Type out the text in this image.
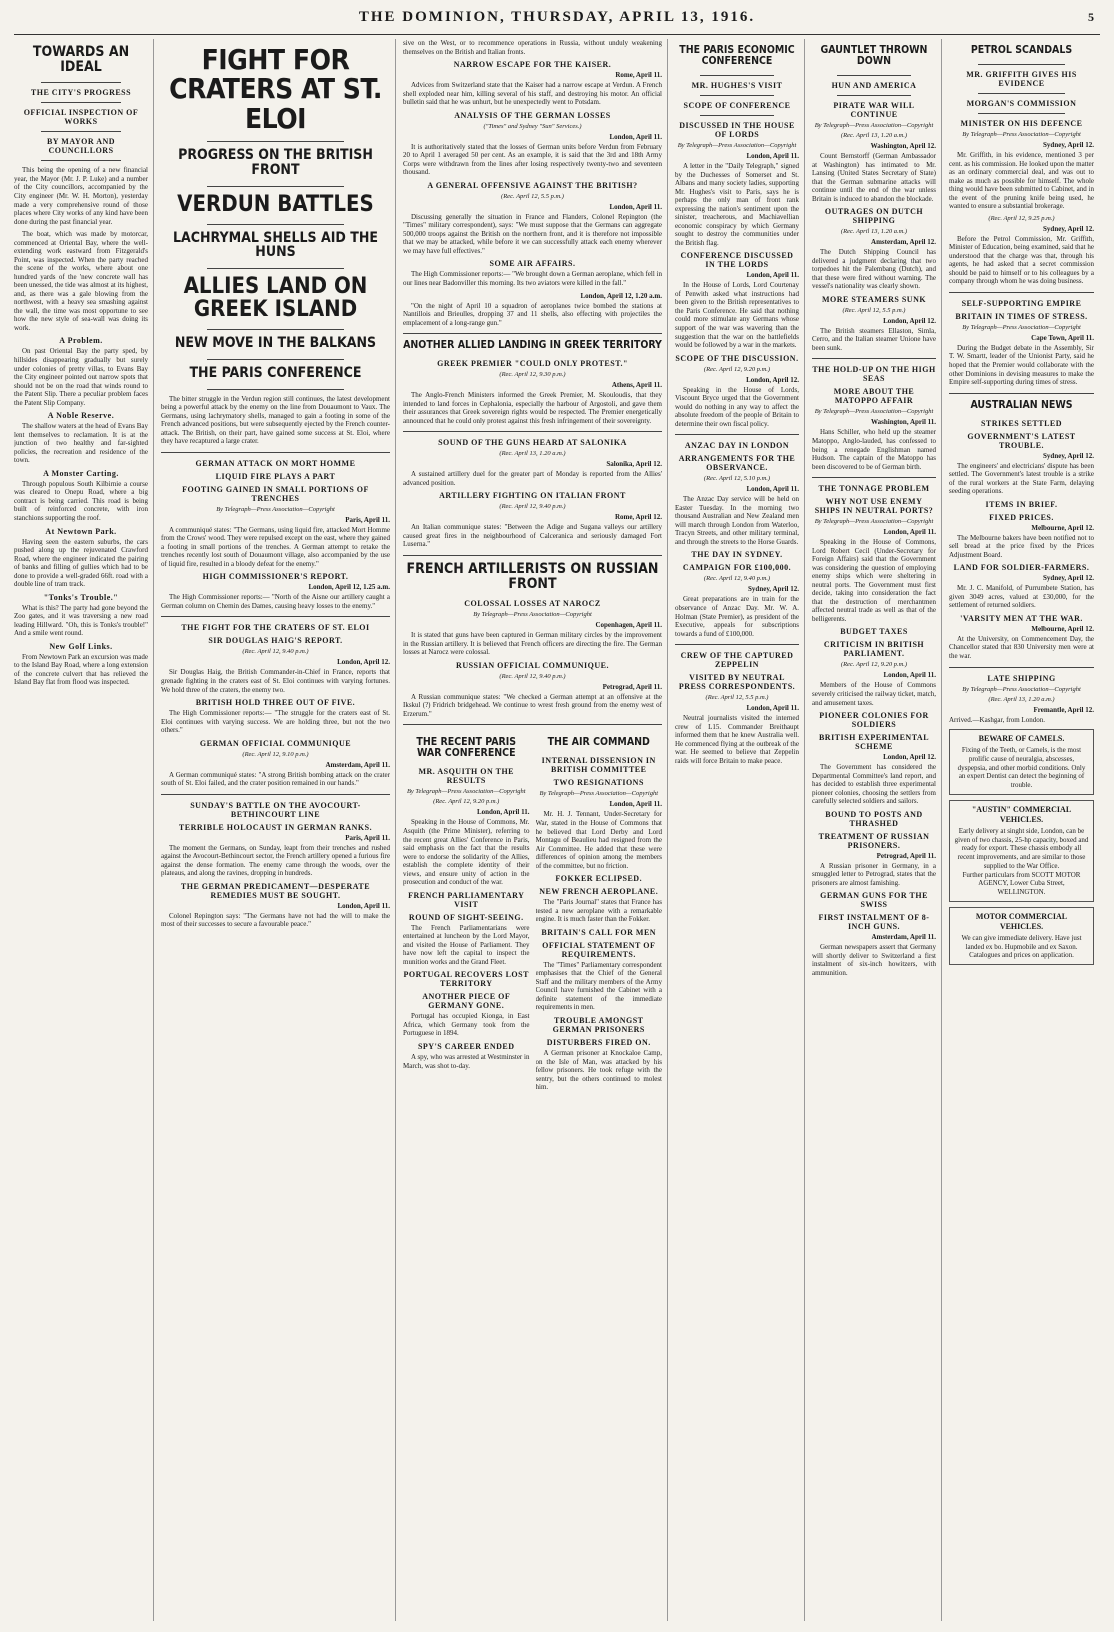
THE DOMINION, THURSDAY, APRIL 13, 1916.	5
TOWARDS AN IDEAL
THE CITY'S PROGRESS
OFFICIAL INSPECTION OF WORKS
BY MAYOR AND COUNCILLORS

This being the opening of a new financial year, the Mayor (Mr. J. P. Luke) and a number of the City councillors, accompanied by the City engineer (Mr. W. H. Morton), yesterday made a very comprehensive round of those places where City works of any kind have been done during the past financial year.

The boat, which was made by motorcar, commenced at Oriental Bay, where the well-extending work eastward from Fitzgerald's Point, was inspected. When the party reached the scene of the works, where about one hundred yards of the 'new concrete wall has been unessed, the tide was almost at its highest, and, as there was a gale blowing from the northwest, with a heavy sea smashing against the wall, the time was most opportune to see how the new style of sea-wall was doing its work.

A Problem.

On past Oriental Bay the party sped, by hillsides disappearing gradually but surely under colonies of pretty villas, to Evans Bay the City engineer pointed out narrow spots that should not be on the road that winds round to the Patent Slip. There a peculiar problem faces the Patent Slip Company.

A Noble Reserve.

The shallow waters at the head of Evans Bay lent themselves to reclamation. It is at the junction of two healthy and far-sighted policies, the recreation and residence of the town.

A Monster Carting.

Through populous South Kilbirnie a course was cleared to Onepu Road, where a big contract is being carried. This road is being built of reinforced concrete, with iron stanchions supporting the roof.

At Newtown Park.

Having seen the eastern suburbs, the cars pushed along up the rejuvenated Crawford Road, where the engineer indicated the pairing of banks and filling of gullies which had to be done to provide a well-graded 66ft. road with a double line of tram track.

"Tonks's Trouble."

What is this? The party had gone beyond the Zoo gates, and it was traversing a new road leading Hillward. "Oh, this is Tonks's trouble!" And a smile went round.

New Golf Links.

From Newtown Park an excursion was made to the Island Bay Road, where a long extension of the concrete culvert that has relieved the Island Bay flat from flood was inspected.

FIGHT FOR CRATERS AT ST. ELOI
PROGRESS ON THE BRITISH FRONT
VERDUN BATTLES
LACHRYMAL SHELLS AID THE HUNS
ALLIES LAND ON GREEK ISLAND
NEW MOVE IN THE BALKANS
THE PARIS CONFERENCE

The bitter struggle in the Verdun region still continues, the latest development being a powerful attack by the enemy on the line from Douaumont to Vaux. The Germans, using lachrymatory shells, managed to gain a footing in some of the French advanced positions, but were subsequently ejected by the French counter-attack. The British, on their part, have gained some success at St. Eloi, where they have recaptured a large crater.

GERMAN ATTACK ON MORT HOMME
LIQUID FIRE PLAYS A PART
FOOTING GAINED IN SMALL PORTIONS OF TRENCHES
By Telegraph—Press Association—Copyright
Paris, April 11.

A communiqué states: "The Germans, using liquid fire, attacked Mort Homme from the Crows' wood. They were repulsed except on the east, where they gained a footing in small portions of the trenches. A German attempt to retake the trenches recently lost south of Douaumont village, also accompanied by the use of liquid fire, resulted in a bloody defeat for the enemy."

HIGH COMMISSIONER'S REPORT.
London, April 12, 1.25 a.m.

The High Commissioner reports:— "North of the Aisne our artillery caught a German column on Chemin des Dames, causing heavy losses to the enemy."

THE FIGHT FOR THE CRATERS OF ST. ELOI
SIR DOUGLAS HAIG'S REPORT.
(Rec. April 12, 9.40 p.m.)
London, April 12.

Sir Douglas Haig, the British Commander-in-Chief in France, reports that grenade fighting in the craters east of St. Eloi continues with varying fortunes. We hold three of the craters, the enemy two.

BRITISH HOLD THREE OUT OF FIVE.

The High Commissioner reports:— "The struggle for the craters east of St. Eloi continues with varying success. We are holding three, but not the two others."

GERMAN OFFICIAL COMMUNIQUE
(Rec. April 12, 9.10 p.m.)
Amsterdam, April 11.

A German communiqué states: "A strong British bombing attack on the crater south of St. Eloi failed, and the crater position remained in our hands."

SUNDAY'S BATTLE ON THE AVOCOURT-BETHINCOURT LINE
TERRIBLE HOLOCAUST IN GERMAN RANKS.
Paris, April 11.

The moment the Germans, on Sunday, leapt from their trenches and rushed against the Avocourt-Bethincourt sector, the French artillery opened a furious fire against the dense formation. The enemy came through the woods, over the plateaus, and along the ravines, dropping in hundreds.

THE GERMAN PREDICAMENT—DESPERATE REMEDIES MUST BE SOUGHT.
London, April 11.

Colonel Repington says: "The Germans have not had the will to make the most of their successes to secure a favourable peace."

sive on the West, or to recommence operations in Russia, without unduly weakening themselves on the British and Italian fronts.

NARROW ESCAPE FOR THE KAISER.
Rome, April 11.

Advices from Switzerland state that the Kaiser had a narrow escape at Verdun. A French shell exploded near him, killing several of his staff, and destroying his motor. An official bulletin said that he was unhurt, but he unexpectedly went to Potsdam.

ANALYSIS OF THE GERMAN LOSSES
("Times" and Sydney "Sun" Services.)
London, April 11.

It is authoritatively stated that the losses of German units before Verdun from February 20 to April 1 averaged 50 per cent. As an example, it is said that the 3rd and 18th Army Corps were withdrawn from the lines after losing respectively twenty-two and seventeen thousand.

A GENERAL OFFENSIVE AGAINST THE BRITISH?
(Rec. April 12, 5.5 p.m.)
London, April 11.

Discussing generally the situation in France and Flanders, Colonel Repington (the "Times" military correspondent), says: "We must suppose that the Germans can aggregate 500,000 troops against the British on the northern front, and it is therefore not impossible that we may be attacked, while before it we can successfully attack each enemy wherever we may have full effectives."

SOME AIR AFFAIRS.

The High Commissioner reports:— "We brought down a German aeroplane, which fell in our lines near Badonviller this morning. Its two aviators were killed in the fall."

London, April 12, 1.20 a.m.

"On the night of April 10 a squadron of aeroplanes twice bombed the stations at Nantillois and Brieulles, dropping 37 and 11 shells, also effecting with projectiles the emplacement of a long-range gun."

ANOTHER ALLIED LANDING IN GREEK TERRITORY
GREEK PREMIER "COULD ONLY PROTEST."
(Rec. April 12, 9.30 p.m.)
Athens, April 11.

The Anglo-French Ministers informed the Greek Premier, M. Skouloudis, that they intended to land forces in Cephalonia, especially the harbour of Argostoli, and gave them their assurances that Greek sovereign rights would be respected. The Premier energetically announced that he could only protest against this fresh infringement of their sovereignty.

SOUND OF THE GUNS HEARD AT SALONIKA
(Rec. April 13, 1.20 a.m.)
Salonika, April 12.

A sustained artillery duel for the greater part of Monday is reported from the Allies' advanced position.

ARTILLERY FIGHTING ON ITALIAN FRONT
(Rec. April 12, 9.40 p.m.)
Rome, April 12.

An Italian communique states: "Between the Adige and Sugana valleys our artillery caused great fires in the neighbourhood of Calceranica and seriously damaged Fort Luserna."

FRENCH ARTILLERISTS ON RUSSIAN FRONT
COLOSSAL LOSSES AT NAROCZ
By Telegraph—Press Association—Copyright
Copenhagen, April 11.

It is stated that guns have been captured in German military circles by the improvement in the Russian artillery. It is believed that French officers are directing the fire. The German losses at Narocz were colossal.

RUSSIAN OFFICIAL COMMUNIQUE.
(Rec. April 12, 9.40 p.m.)
Petrograd, April 11.

A Russian communique states: "We checked a German attempt at an offensive at the Ikskul (?) Fridrich bridgehead. We continue to wrest fresh ground from the enemy west of Erzerum."

THE RECENT PARIS WAR CONFERENCE
MR. ASQUITH ON THE RESULTS
By Telegraph—Press Association—Copyright
(Rec. April 12, 9.20 p.m.)
London, April 11.

Speaking in the House of Commons, Mr. Asquith (the Prime Minister), referring to the recent great Allies' Conference in Paris, said emphasis on the fact that the results were to endorse the solidarity of the Allies, establish the complete identity of their views, and ensure unity of action in the prosecution and conduct of the war.

FRENCH PARLIAMENTARY VISIT
ROUND OF SIGHT-SEEING.

The French Parliamentarians were entertained at luncheon by the Lord Mayor, and visited the House of Parliament. They have now left the capital to inspect the munition works and the Grand Fleet.

PORTUGAL RECOVERS LOST TERRITORY
ANOTHER PIECE OF GERMANY GONE.

Portugal has occupied Kionga, in East Africa, which Germany took from the Portuguese in 1894.

SPY'S CAREER ENDED

A spy, who was arrested at Westminster in March, was shot to-day.

THE AIR COMMAND
INTERNAL DISSENSION IN BRITISH COMMITTEE
TWO RESIGNATIONS
By Telegraph—Press Association—Copyright
London, April 11.

Mr. H. J. Tennant, Under-Secretary for War, stated in the House of Commons that he believed that Lord Derby and Lord Montagu of Beaulieu had resigned from the Air Committee. He added that these were differences of opinion among the members of the committee, but no friction.

FOKKER ECLIPSED.
NEW FRENCH AEROPLANE.

The "Paris Journal" states that France has tested a new aeroplane with a remarkable engine. It is much faster than the Fokker.

BRITAIN'S CALL FOR MEN
OFFICIAL STATEMENT OF REQUIREMENTS.

The "Times" Parliamentary correspondent emphasises that the Chief of the General Staff and the military members of the Army Council have furnished the Cabinet with a definite statement of the immediate requirements in men.

TROUBLE AMONGST GERMAN PRISONERS
DISTURBERS FIRED ON.

A German prisoner at Knockaloe Camp, on the Isle of Man, was attacked by his fellow prisoners. He took refuge with the sentry, but the others continued to molest him.

THE PARIS ECONOMIC CONFERENCE
MR. HUGHES'S VISIT
SCOPE OF CONFERENCE
DISCUSSED IN THE HOUSE OF LORDS
By Telegraph—Press Association—Copyright
London, April 11.

A letter in the "Daily Telegraph," signed by the Duchesses of Somerset and St. Albans and many society ladies, supporting Mr. Hughes's visit to Paris, says he is perhaps the only man of front rank expressing the nation's sentiment upon the sinister, treacherous, and Machiavellian economic conspiracy by which Germany sought to destroy the communities under the British flag.

CONFERENCE DISCUSSED IN THE LORDS
London, April 11.

In the House of Lords, Lord Courtenay of Penwith asked what instructions had been given to the British representatives to the Paris Conference. He said that nothing could more stimulate any Germans whose support of the war was wavering than the suggestion that the war on the battlefields would be followed by a war in the markets.

SCOPE OF THE DISCUSSION.
(Rec. April 12, 9.20 p.m.)
London, April 12.

Speaking in the House of Lords, Viscount Bryce urged that the Government would do nothing in any way to affect the absolute freedom of the people of Britain to determine their own fiscal policy.

ANZAC DAY IN LONDON
ARRANGEMENTS FOR THE OBSERVANCE.
(Rec. April 12, 5.10 p.m.)
London, April 11.

The Anzac Day service will be held on Easter Tuesday. In the morning two thousand Australian and New Zealand men will march through London from Waterloo, Tracyn Streets, and other military terminal, and through the streets to the Horse Guards.

THE DAY IN SYDNEY.
CAMPAIGN FOR £100,000.
(Rec. April 12, 9.40 p.m.)
Sydney, April 12.

Great preparations are in train for the observance of Anzac Day. Mr. W. A. Holman (State Premier), as president of the Executive, appeals for subscriptions towards a fund of £100,000.

CREW OF THE CAPTURED ZEPPELIN
VISITED BY NEUTRAL PRESS CORRESPONDENTS.
(Rec. April 12, 5.5 p.m.)
London, April 11.

Neutral journalists visited the interned crew of L15. Commander Breithaupt informed them that he knew Australia well. He commenced flying at the outbreak of the war. He seemed to believe that Zeppelin raids will force Britain to make peace.

GAUNTLET THROWN DOWN
HUN AND AMERICA
PIRATE WAR WILL CONTINUE
By Telegraph—Press Association—Copyright
(Rec. April 13, 1.20 a.m.)
Washington, April 12.

Count Bernstorff (German Ambassador at Washington) has intimated to Mr. Lansing (United States Secretary of State) that the German submarine attacks will continue until the end of the war unless Britain is induced to abandon the blockade.

OUTRAGES ON DUTCH SHIPPING
(Rec. April 13, 1.20 a.m.)
Amsterdam, April 12.

The Dutch Shipping Council has delivered a judgment declaring that two torpedoes hit the Palembang (Dutch), and that these were fired without warning. The vessel's nationality was clearly shown.

MORE STEAMERS SUNK
(Rec. April 12, 5.5 p.m.)
London, April 12.

The British steamers Ellaston, Simla, Cerro, and the Italian steamer Unione have been sunk.

THE HOLD-UP ON THE HIGH SEAS
MORE ABOUT THE MATOPPO AFFAIR
By Telegraph—Press Association—Copyright
Washington, April 11.

Hans Schiller, who held up the steamer Matoppo, Anglo-lauded, has confessed to being a renegade Englishman named Hudson. The captain of the Matoppo has been discovered to be of German birth.

THE TONNAGE PROBLEM
WHY NOT USE ENEMY SHIPS IN NEUTRAL PORTS?
By Telegraph—Press Association—Copyright
London, April 11.

Speaking in the House of Commons, Lord Robert Cecil (Under-Secretary for Foreign Affairs) said that the Government was considering the question of employing enemy ships which were sheltering in neutral ports. The Government must first decide, taking into consideration the fact that the destruction of merchantmen affected neutral trade as well as that of the belligerents.

BUDGET TAXES
CRITICISM IN BRITISH PARLIAMENT.
(Rec. April 12, 9.20 p.m.)
London, April 11.

Members of the House of Commons severely criticised the railway ticket, match, and amusement taxes.

PIONEER COLONIES FOR SOLDIERS
BRITISH EXPERIMENTAL SCHEME
London, April 12.

The Government has considered the Departmental Committee's land report, and has decided to establish three experimental pioneer colonies, choosing the settlers from carefully selected soldiers and sailors.

BOUND TO POSTS AND THRASHED
TREATMENT OF RUSSIAN PRISONERS.
Petrograd, April 11.

A Russian prisoner in Germany, in a smuggled letter to Petrograd, states that the prisoners are almost famishing.

GERMAN GUNS FOR THE SWISS
FIRST INSTALMENT OF 8-INCH GUNS.
Amsterdam, April 11.

German newspapers assert that Germany will shortly deliver to Switzerland a first instalment of six-inch howitzers, with ammunition.

PETROL SCANDALS
MR. GRIFFITH GIVES HIS EVIDENCE
MORGAN'S COMMISSION
MINISTER ON HIS DEFENCE
By Telegraph—Press Association—Copyright
Sydney, April 12.

Mr. Griffith, in his evidence, mentioned 3 per cent. as his commission. He looked upon the matter as an ordinary commercial deal, and was out to make as much as possible for himself. The whole thing would have been submitted to Cabinet, and in the event of the pruning knife being used, he wanted to ensure a substantial brokerage.

(Rec. April 12, 9.25 p.m.)
Sydney, April 12.

Before the Petrol Commission, Mr. Griffith, Minister of Education, being examined, said that he understood that the charge was that, through his agents, he had asked that a secret commission should be paid to himself or to his colleagues by a company through whom he was doing business.

SELF-SUPPORTING EMPIRE
BRITAIN IN TIMES OF STRESS.
By Telegraph—Press Association—Copyright
Cape Town, April 11.

During the Budget debate in the Assembly, Sir T. W. Smartt, leader of the Unionist Party, said he hoped that the Premier would collaborate with the other Dominions in devising measures to make the Empire self-supporting during times of stress.

AUSTRALIAN NEWS
STRIKES SETTLED
GOVERNMENT'S LATEST TROUBLE.
Sydney, April 12.

The engineers' and electricians' dispute has been settled. The Government's latest trouble is a strike of the rural workers at the State Farm, delaying seeding operations.

ITEMS IN BRIEF.
FIXED PRICES.
Melbourne, April 12.

The Melbourne bakers have been notified not to sell bread at the price fixed by the Prices Adjustment Board.

LAND FOR SOLDIER-FARMERS.
Sydney, April 12.

Mr. J. C. Manifold, of Purrumbete Station, has given 3049 acres, valued at £30,000, for the settlement of returned soldiers.

'VARSITY MEN AT THE WAR.
Melbourne, April 12.

At the University, on Commencement Day, the Chancellor stated that 830 University men were at the war.

LATE SHIPPING
By Telegraph—Press Association—Copyright
(Rec. April 13, 1.20 a.m.)
Fremantle, April 12.

Arrived.—Kashgar, from London.

BEWARE OF CAMELS.
Fixing of the Teeth, or Camels, is the most prolific cause of neuralgia, abscesses, dyspepsia, and other morbid conditions. Only an expert Dentist can detect the beginning of trouble.
"AUSTIN" COMMERCIAL VEHICLES.
Early delivery at singht side, London, can be given of two chassis, 25-hp capacity, boxed and ready for export. These chassis embody all recent improvements, and are similar to those supplied to the War Office.
Further particulars from SCOTT MOTOR AGENCY, Lower Cuba Street, WELLINGTON.
MOTOR COMMERCIAL VEHICLES.
We can give immediate delivery. Have just landed ex bo. Hupmobile and ex Saxon. Catalogues and prices on application.
